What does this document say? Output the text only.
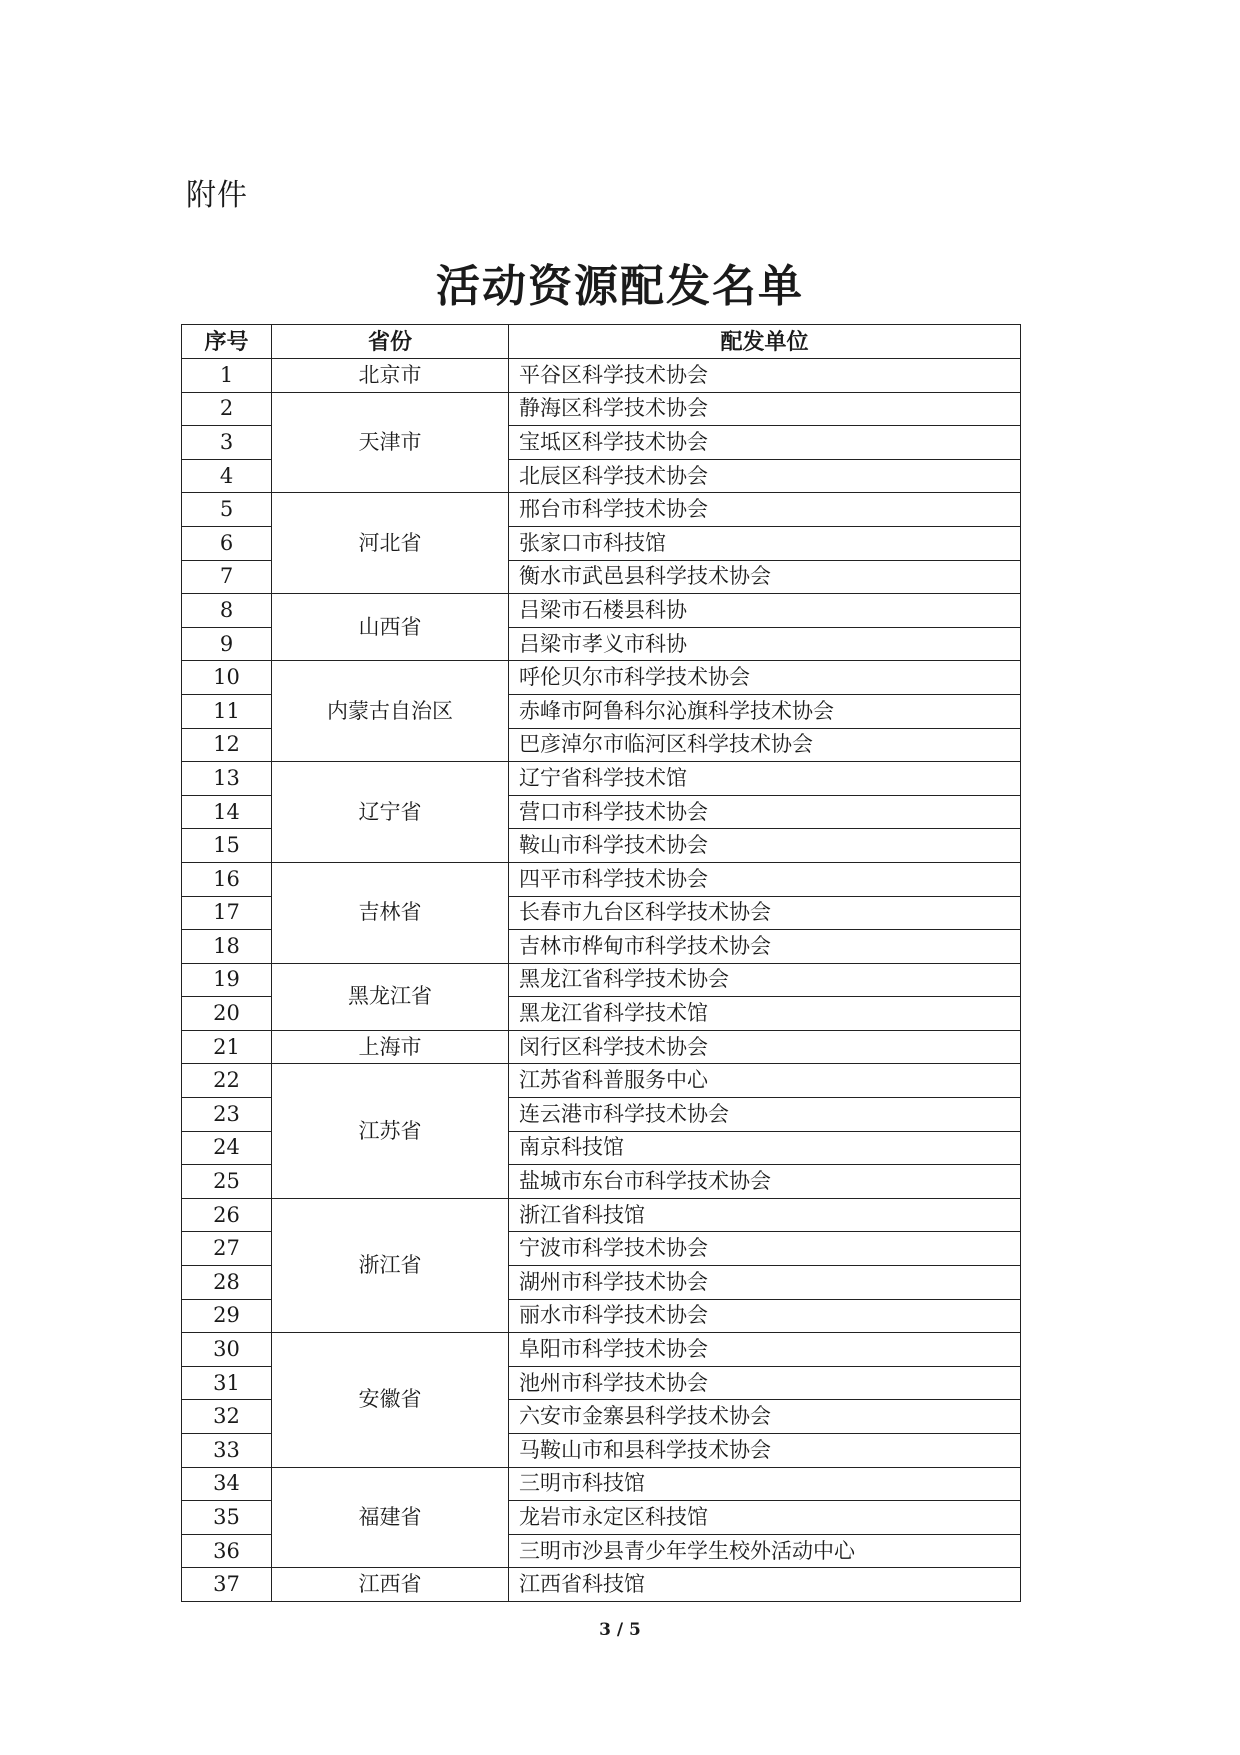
附件
活动资源配发名单
序号	省份	配发单位
1	北京市	平谷区科学技术协会
2	天津市	静海区科学技术协会
3		宝坻区科学技术协会
4		北辰区科学技术协会
5	河北省	邢台市科学技术协会
6		张家口市科技馆
7		衡水市武邑县科学技术协会
8	山西省	吕梁市石楼县科协
9		吕梁市孝义市科协
10	内蒙古自治区	呼伦贝尔市科学技术协会
11		赤峰市阿鲁科尔沁旗科学技术协会
12		巴彦淖尔市临河区科学技术协会
13	辽宁省	辽宁省科学技术馆
14		营口市科学技术协会
15		鞍山市科学技术协会
16	吉林省	四平市科学技术协会
17		长春市九台区科学技术协会
18		吉林市桦甸市科学技术协会
19	黑龙江省	黑龙江省科学技术协会
20		黑龙江省科学技术馆
21	上海市	闵行区科学技术协会
22	江苏省	江苏省科普服务中心
23		连云港市科学技术协会
24		南京科技馆
25		盐城市东台市科学技术协会
26	浙江省	浙江省科技馆
27		宁波市科学技术协会
28		湖州市科学技术协会
29		丽水市科学技术协会
30	安徽省	阜阳市科学技术协会
31		池州市科学技术协会
32		六安市金寨县科学技术协会
33		马鞍山市和县科学技术协会
34	福建省	三明市科技馆
35		龙岩市永定区科技馆
36		三明市沙县青少年学生校外活动中心
37	江西省	江西省科技馆
3 / 5
